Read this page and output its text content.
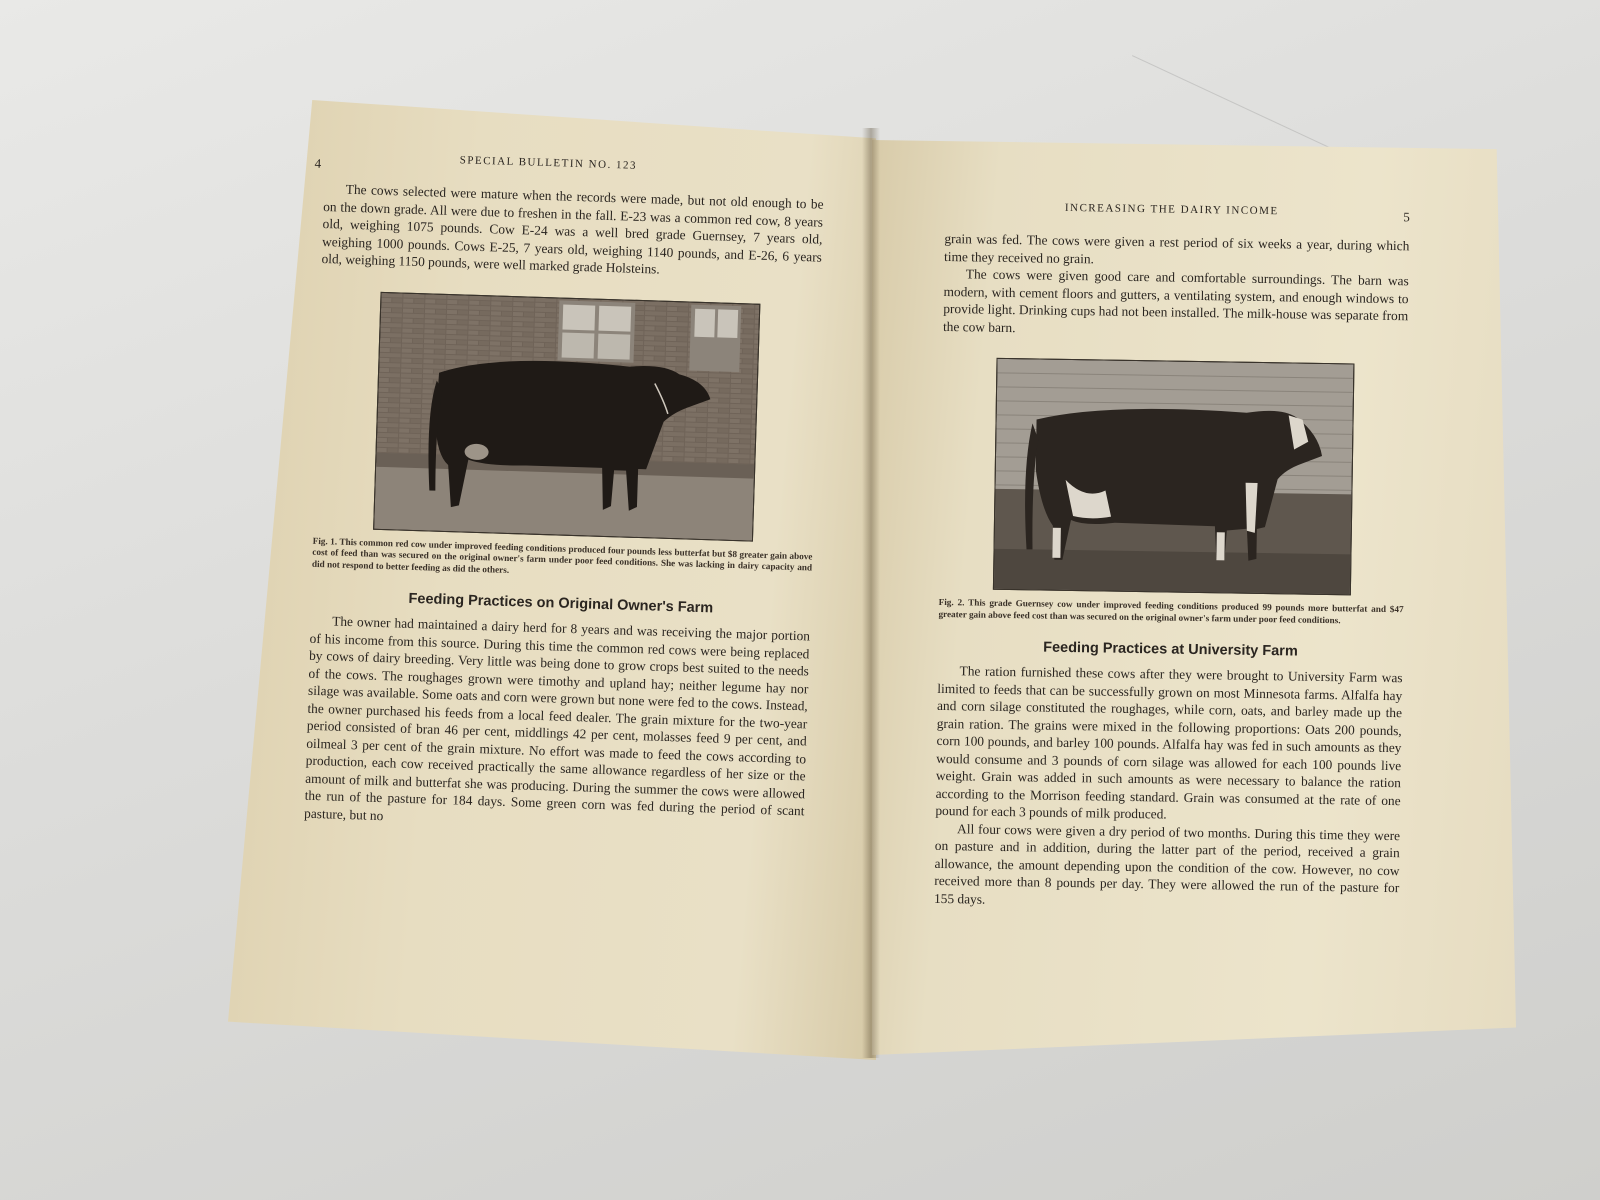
4	SPECIAL BULLETIN NO. 123

The cows selected were mature when the records were made, but not old enough to be on the down grade. All were due to freshen in the fall. E-23 was a common red cow, 8 years old, weighing 1075 pounds. Cow E-24 was a well bred grade Guernsey, 7 years old, weighing 1000 pounds. Cows E-25, 7 years old, weighing 1140 pounds, and E-26, 6 years old, weighing 1150 pounds, were well marked grade Holsteins.

Fig. 1. This common red cow under improved feeding conditions produced four pounds less butterfat but $8 greater gain above cost of feed than was secured on the original owner's farm under poor feed conditions. She was lacking in dairy capacity and did not respond to better feeding as did the others.
Feeding Practices on Original Owner's Farm

The owner had maintained a dairy herd for 8 years and was receiving the major portion of his income from this source. During this time the common red cows were being replaced by cows of dairy breeding. Very little was being done to grow crops best suited to the needs of the cows. The roughages grown were timothy and upland hay; neither legume hay nor silage was available. Some oats and corn were grown but none were fed to the cows. Instead, the owner purchased his feeds from a local feed dealer. The grain mixture for the two-year period consisted of bran 46 per cent, middlings 42 per cent, molasses feed 9 per cent, and oilmeal 3 per cent of the grain mixture. No effort was made to feed the cows according to production, each cow received practically the same allowance regardless of her size or the amount of milk and butterfat she was producing. During the summer the cows were allowed the run of the pasture for 184 days. Some green corn was fed during the period of scant pasture, but no

INCREASING THE DAIRY INCOME	5

grain was fed. The cows were given a rest period of six weeks a year, during which time they received no grain.

The cows were given good care and comfortable surroundings. The barn was modern, with cement floors and gutters, a ventilating system, and enough windows to provide light. Drinking cups had not been installed. The milk-house was separate from the cow barn.

Fig. 2. This grade Guernsey cow under improved feeding conditions produced 99 pounds more butterfat and $47 greater gain above feed cost than was secured on the original owner's farm under poor feed conditions.
Feeding Practices at University Farm

The ration furnished these cows after they were brought to University Farm was limited to feeds that can be successfully grown on most Minnesota farms. Alfalfa hay and corn silage constituted the roughages, while corn, oats, and barley made up the grain ration. The grains were mixed in the following proportions: Oats 200 pounds, corn 100 pounds, and barley 100 pounds. Alfalfa hay was fed in such amounts as they would consume and 3 pounds of corn silage was allowed for each 100 pounds live weight. Grain was added in such amounts as were necessary to balance the ration according to the Morrison feeding standard. Grain was consumed at the rate of one pound for each 3 pounds of milk produced.

All four cows were given a dry period of two months. During this time they were on pasture and in addition, during the latter part of the period, received a grain allowance, the amount depending upon the condition of the cow. However, no cow received more than 8 pounds per day. They were allowed the run of the pasture for 155 days.
